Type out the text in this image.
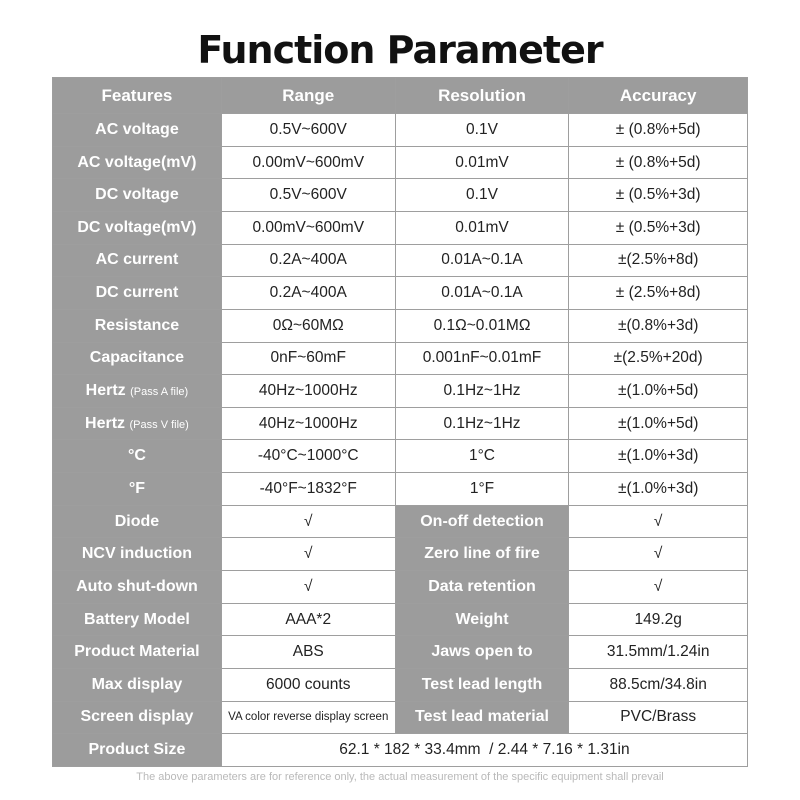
Function Parameter
Features	Range	Resolution	Accuracy
AC voltage	0.5V~600V	0.1V	± (0.8%+5d)
AC voltage(mV)	0.00mV~600mV	0.01mV	± (0.8%+5d)
DC voltage	0.5V~600V	0.1V	± (0.5%+3d)
DC voltage(mV)	0.00mV~600mV	0.01mV	± (0.5%+3d)
AC current	0.2A~400A	0.01A~0.1A	±(2.5%+8d)
DC current	0.2A~400A	0.01A~0.1A	± (2.5%+8d)
Resistance	0Ω~60MΩ	0.1Ω~0.01MΩ	±(0.8%+3d)
Capacitance	0nF~60mF	0.001nF~0.01mF	±(2.5%+20d)
Hertz (Pass A file)	40Hz~1000Hz	0.1Hz~1Hz	±(1.0%+5d)
Hertz (Pass V file)	40Hz~1000Hz	0.1Hz~1Hz	±(1.0%+5d)
°C	-40°C~1000°C	1°C	±(1.0%+3d)
°F	-40°F~1832°F	1°F	±(1.0%+3d)
Diode	√	On-off detection	√
NCV induction	√	Zero line of fire	√
Auto shut-down	√	Data retention	√
Battery Model	AAA*2	Weight	149.2g
Product Material	ABS	Jaws open to	31.5mm/1.24in
Max display	6000 counts	Test lead length	88.5cm/34.8in
Screen display	VA color reverse display screen	Test lead material	PVC/Brass
Product Size	62.1 * 182 * 33.4mm  / 2.44 * 7.16 * 1.31in		
The above parameters are for reference only, the actual measurement of the specific equipment shall prevail
